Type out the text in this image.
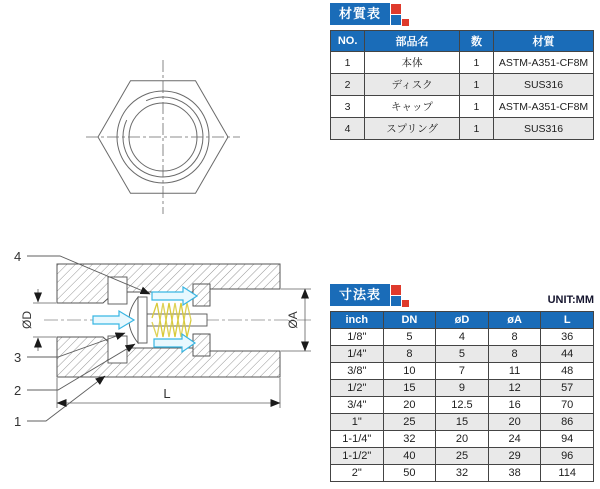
4
3
2
1
ØD	ØA
L
材質表
NO.	部品名	数	材質
1	本体	1	ASTM-A351-CF8M
2	ディスク	1	SUS316
3	キャップ	1	ASTM-A351-CF8M
4	スプリング	1	SUS316
寸法表	UNIT:MM
inch	DN	øD	øA	L
1/8"	5	4	8	36
1/4"	8	5	8	44
3/8"	10	7	11	48
1/2"	15	9	12	57
3/4"	20	12.5	16	70
1"	25	15	20	86
1-1/4"	32	20	24	94
1-1/2"	40	25	29	96
2"	50	32	38	114
